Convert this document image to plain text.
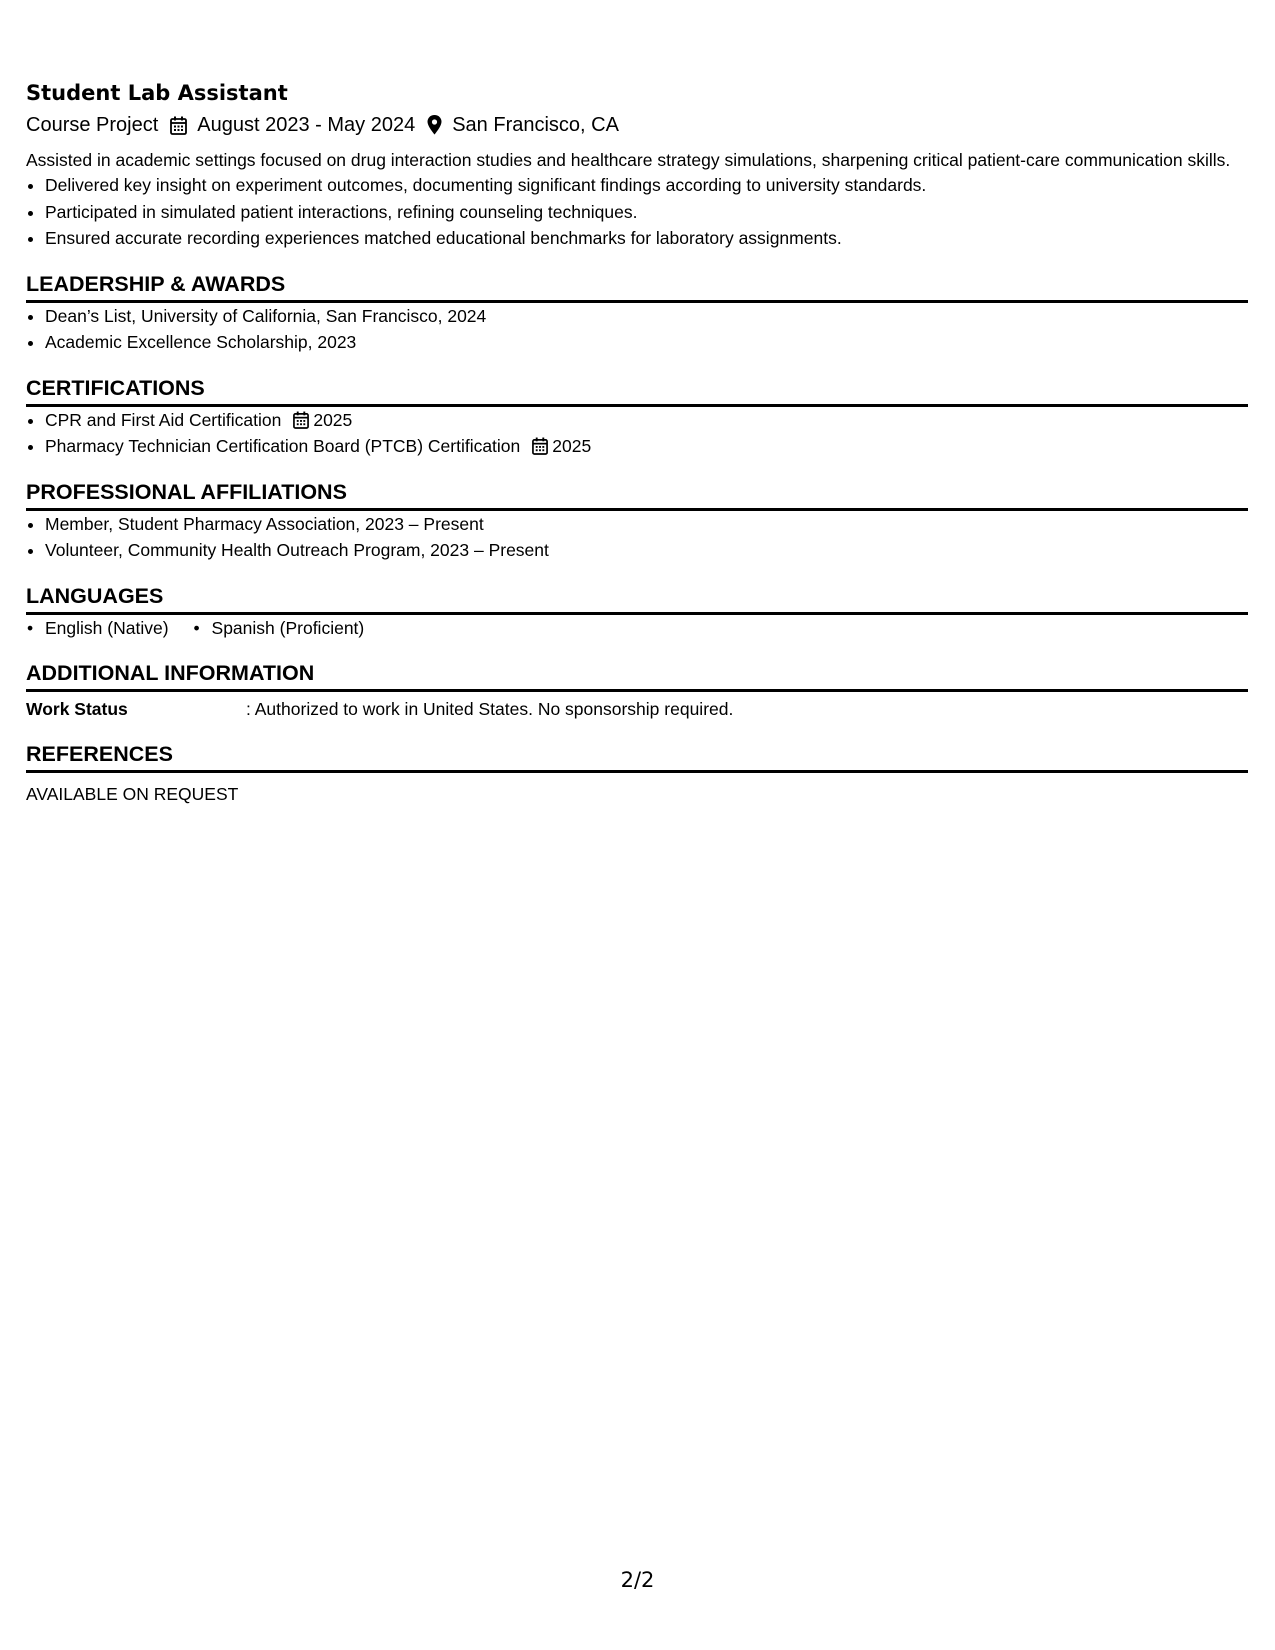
Student Lab Assistant
Course Project August 2023 - May 2024 San Francisco, CA

Assisted in academic settings focused on drug interaction studies and healthcare strategy simulations, sharpening critical patient-care communication skills.

• Delivered key insight on experiment outcomes, documenting significant findings according to university standards.
• Participated in simulated patient interactions, refining counseling techniques.
• Ensured accurate recording experiences matched educational benchmarks for laboratory assignments.
LEADERSHIP & AWARDS
• Dean’s List, University of California, San Francisco, 2024
• Academic Excellence Scholarship, 2023
CERTIFICATIONS
• CPR and First Aid Certification 2025
• Pharmacy Technician Certification Board (PTCB) Certification 2025
PROFESSIONAL AFFILIATIONS
• Member, Student Pharmacy Association, 2023 – Present
• Volunteer, Community Health Outreach Program, 2023 – Present
LANGUAGES
• English (Native)
•	Spanish (Proficient)
ADDITIONAL INFORMATION
Work Status	: Authorized to work in United States. No sponsorship required.
REFERENCES
AVAILABLE ON REQUEST
2/2
